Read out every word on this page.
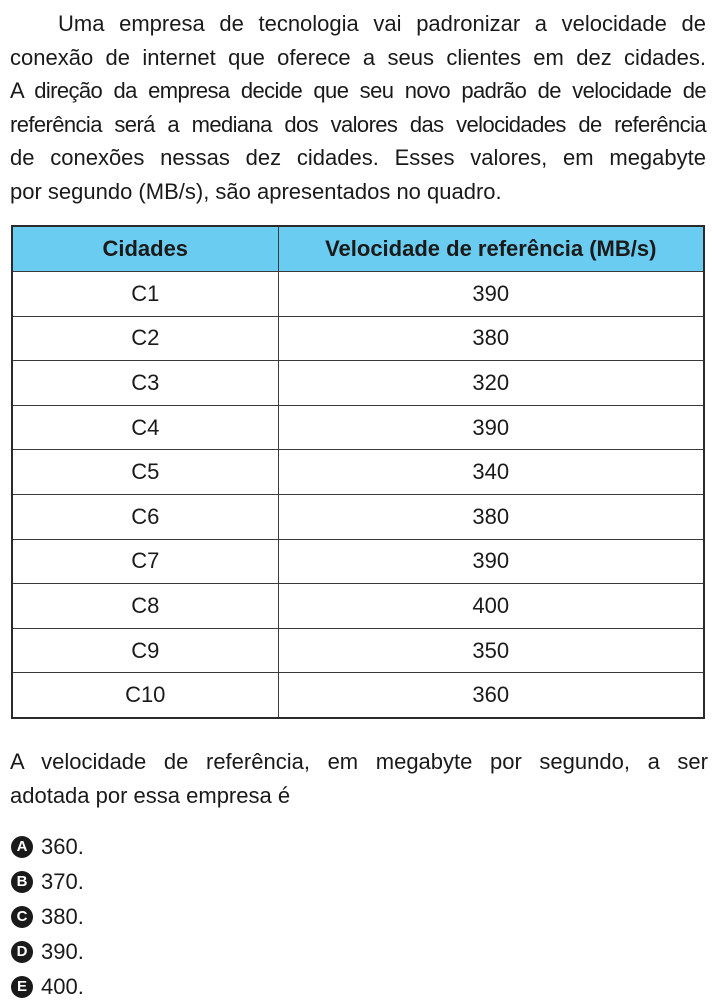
Uma empresa de tecnologia vai padronizar a velocidade de
conexão de internet que oferece a seus clientes em dez cidades.
A direção da empresa decide que seu novo padrão de velocidade de
referência será a mediana dos valores das velocidades de referência
de conexões nessas dez cidades. Esses valores, em megabyte
por segundo (MB/s), são apresentados no quadro.

Cidades	Velocidade de referência (MB/s)
C1	390
C2	380
C3	320
C4	390
C5	340
C6	380
C7	390
C8	400
C9	350
C10	360

A velocidade de referência, em megabyte por segundo, a ser
adotada por essa empresa é

A 360.
B 370.
C 380.
D 390.
E 400.
